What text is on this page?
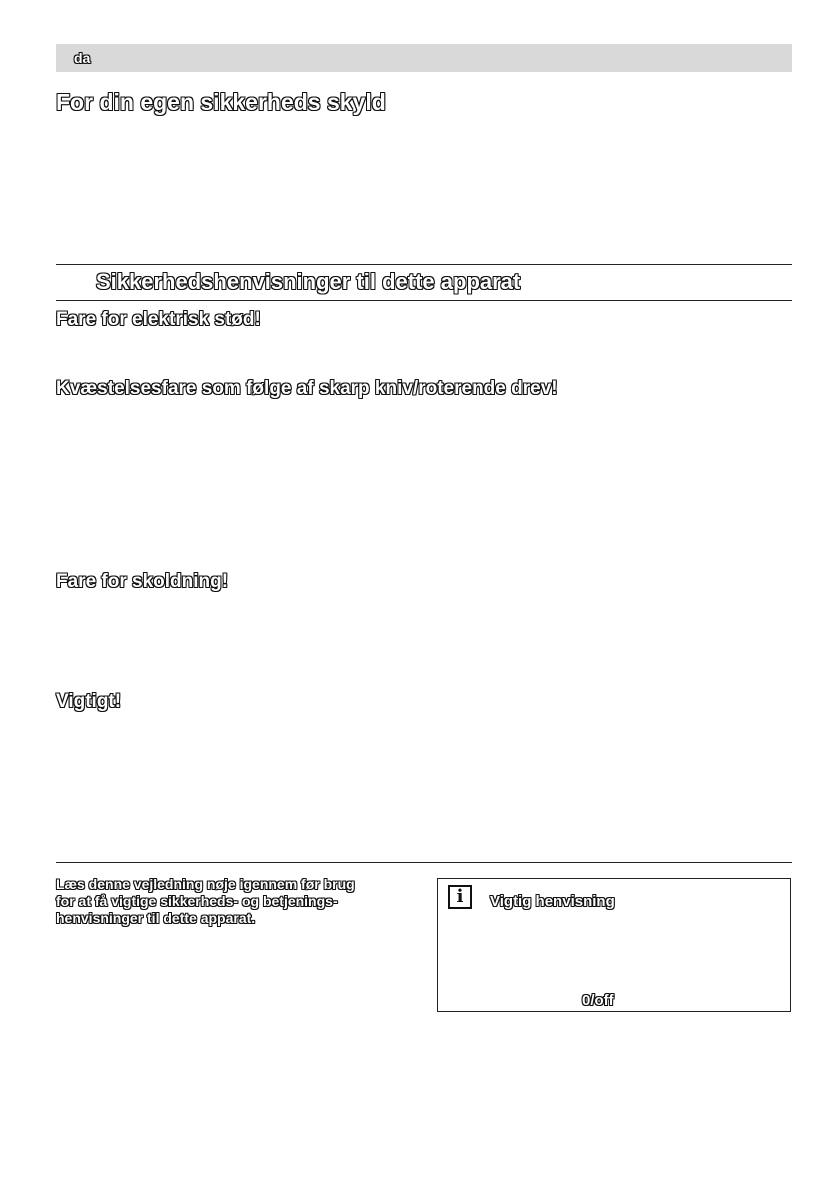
da
For din egen sikkerheds skyld
Sikkerhedshenvisninger til dette apparat
Fare for elektrisk stød!
Kvæstelsesfare som følge af skarp kniv/roterende drev!
Fare for skoldning!
Vigtigt!
Læs denne vejledning nøje igennem før brug
for at få vigtige sikkerheds- og betjenings-
henvisninger til dette apparat.
i	Vigtig henvisning
0/off
